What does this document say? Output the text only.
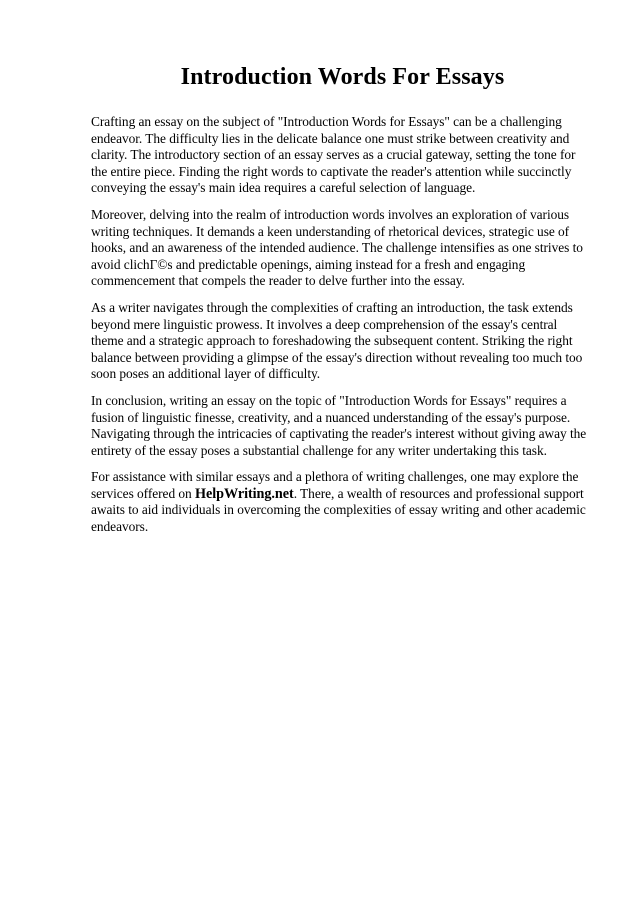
Introduction Words For Essays

Crafting an essay on the subject of "Introduction Words for Essays" can be a challenging endeavor. The difficulty lies in the delicate balance one must strike between creativity and clarity. The introductory section of an essay serves as a crucial gateway, setting the tone for the entire piece. Finding the right words to captivate the reader's attention while succinctly conveying the essay's main idea requires a careful selection of language.

Moreover, delving into the realm of introduction words involves an exploration of various writing techniques. It demands a keen understanding of rhetorical devices, strategic use of hooks, and an awareness of the intended audience. The challenge intensifies as one strives to avoid clichГ©s and predictable openings, aiming instead for a fresh and engaging commencement that compels the reader to delve further into the essay.

As a writer navigates through the complexities of crafting an introduction, the task extends beyond mere linguistic prowess. It involves a deep comprehension of the essay's central theme and a strategic approach to foreshadowing the subsequent content. Striking the right balance between providing a glimpse of the essay's direction without revealing too much too soon poses an additional layer of difficulty.

In conclusion, writing an essay on the topic of "Introduction Words for Essays" requires a fusion of linguistic finesse, creativity, and a nuanced understanding of the essay's purpose. Navigating through the intricacies of captivating the reader's interest without giving away the entirety of the essay poses a substantial challenge for any writer undertaking this task.

For assistance with similar essays and a plethora of writing challenges, one may explore the services offered on HelpWriting.net. There, a wealth of resources and professional support awaits to aid individuals in overcoming the complexities of essay writing and other academic endeavors.
